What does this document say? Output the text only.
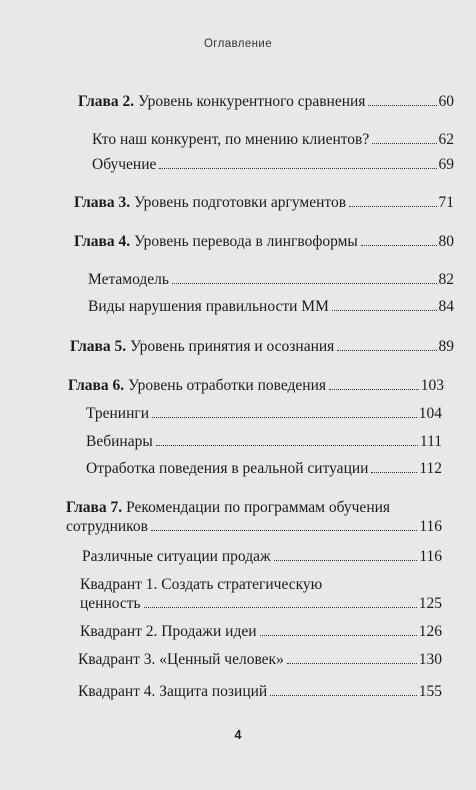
Оглавление
Глава 2. Уровень конкурентного сравнения	60
Кто наш конкурент, по мнению клиентов?	62
Обучение	69
Глава 3. Уровень подготовки аргументов	71
Глава 4. Уровень перевода в лингвоформы	80
Метамодель	82
Виды нарушения правильности ММ	84
Глава 5. Уровень принятия и осознания	89
Глава 6. Уровень отработки поведения	103
Тренинги	104
Вебинары	111
Отработка поведения в реальной ситуации	112
Глава 7. Рекомендации по программам обучения
сотрудников	116
Различные ситуации продаж	116
Квадрант 1. Создать стратегическую
ценность	125
Квадрант 2. Продажи идеи	126
Квадрант 3. «Ценный человек»	130
Квадрант 4. Защита позиций	155
4
